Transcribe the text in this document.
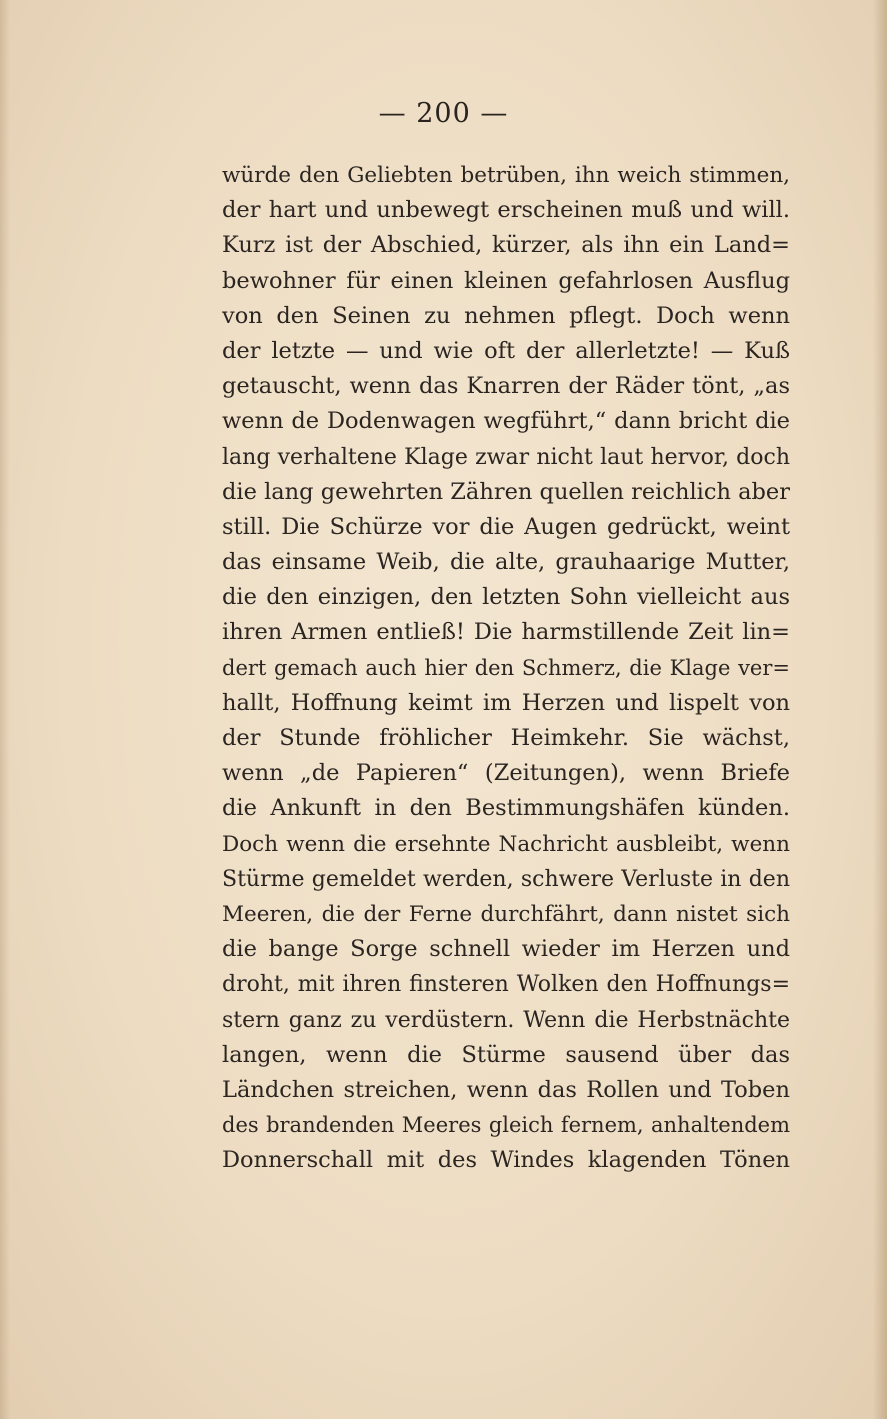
— 200 —
würde den Geliebten betrüben, ihn weich stimmen,
der hart und unbewegt erscheinen muß und will.
Kurz ist der Abschied, kürzer, als ihn ein Land=
bewohner für einen kleinen gefahrlosen Ausflug
von den Seinen zu nehmen pflegt. Doch wenn
der letzte — und wie oft der allerletzte! — Kuß
getauscht, wenn das Knarren der Räder tönt, „as
wenn de Dodenwagen wegführt,“ dann bricht die
lang verhaltene Klage zwar nicht laut hervor, doch
die lang gewehrten Zähren quellen reichlich aber
still. Die Schürze vor die Augen gedrückt, weint
das einsame Weib, die alte, grauhaarige Mutter,
die den einzigen, den letzten Sohn vielleicht aus
ihren Armen entließ! Die harmstillende Zeit lin=
dert gemach auch hier den Schmerz, die Klage ver=
hallt, Hoffnung keimt im Herzen und lispelt von
der Stunde fröhlicher Heimkehr. Sie wächst,
wenn „de Papieren“ (Zeitungen), wenn Briefe
die Ankunft in den Bestimmungshäfen künden.
Doch wenn die ersehnte Nachricht ausbleibt, wenn
Stürme gemeldet werden, schwere Verluste in den
Meeren, die der Ferne durchfährt, dann nistet sich
die bange Sorge schnell wieder im Herzen und
droht, mit ihren finsteren Wolken den Hoffnungs=
stern ganz zu verdüstern. Wenn die Herbstnächte
langen, wenn die Stürme sausend über das
Ländchen streichen, wenn das Rollen und Toben
des brandenden Meeres gleich fernem, anhaltendem
Donnerschall mit des Windes klagenden Tönen
